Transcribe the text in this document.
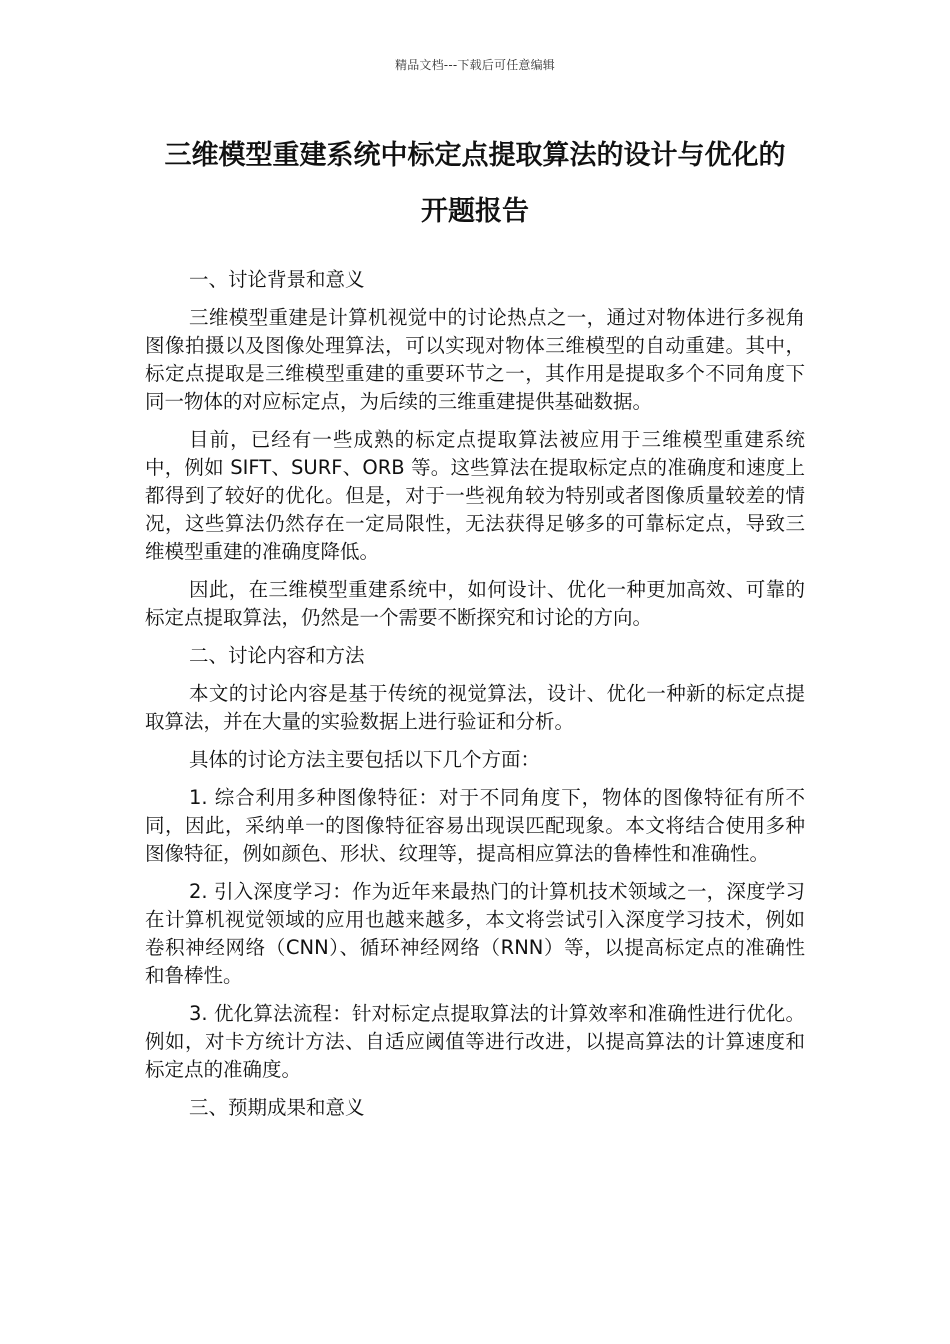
精品文档---下载后可任意编辑
三维模型重建系统中标定点提取算法的设计与优化的
开题报告

一、讨论背景和意义

三维模型重建是计算机视觉中的讨论热点之一，通过对物体进行多视角图像拍摄以及图像处理算法，可以实现对物体三维模型的自动重建。其中，标定点提取是三维模型重建的重要环节之一，其作用是提取多个不同角度下同一物体的对应标定点，为后续的三维重建提供基础数据。

目前，已经有一些成熟的标定点提取算法被应用于三维模型重建系统中，例如 SIFT、SURF、ORB 等。这些算法在提取标定点的准确度和速度上都得到了较好的优化。但是，对于一些视角较为特别或者图像质量较差的情况，这些算法仍然存在一定局限性，无法获得足够多的可靠标定点，导致三维模型重建的准确度降低。

因此，在三维模型重建系统中，如何设计、优化一种更加高效、可靠的标定点提取算法，仍然是一个需要不断探究和讨论的方向。

二、讨论内容和方法

本文的讨论内容是基于传统的视觉算法，设计、优化一种新的标定点提取算法，并在大量的实验数据上进行验证和分析。

具体的讨论方法主要包括以下几个方面：

1. 综合利用多种图像特征：对于不同角度下，物体的图像特征有所不同，因此，采纳单一的图像特征容易出现误匹配现象。本文将结合使用多种图像特征，例如颜色、形状、纹理等，提高相应算法的鲁棒性和准确性。

2. 引入深度学习：作为近年来最热门的计算机技术领域之一，深度学习在计算机视觉领域的应用也越来越多，本文将尝试引入深度学习技术，例如卷积神经网络（CNN）、循环神经网络（RNN）等，以提高标定点的准确性和鲁棒性。

3. 优化算法流程：针对标定点提取算法的计算效率和准确性进行优化。例如，对卡方统计方法、自适应阈值等进行改进，以提高算法的计算速度和标定点的准确度。

三、预期成果和意义
